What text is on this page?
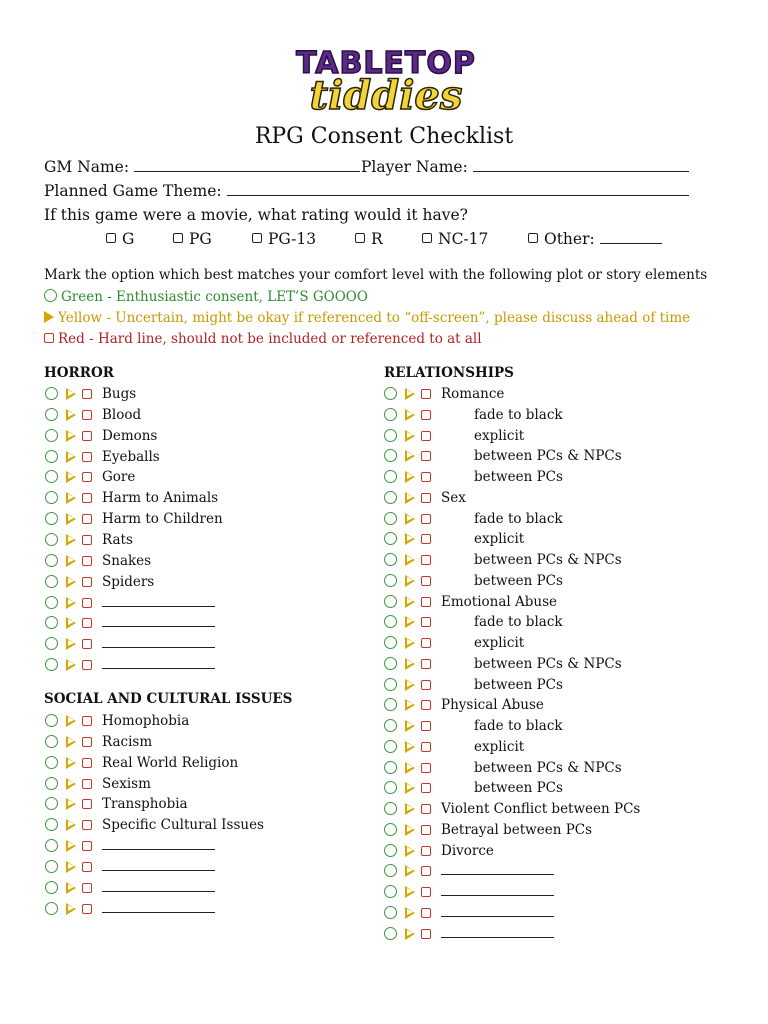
TABLETOP
tiddies
RPG Consent Checklist
GM Name:	Player Name:
Planned Game Theme:
If this game were a movie, what rating would it have?
G	PG	PG-13	R	NC-17	Other:
Mark the option which best matches your comfort level with the following plot or story elements
Green - Enthusiastic consent, LET’S GOOOO
Yellow - Uncertain, might be okay if referenced to “off-screen”, please discuss ahead of time
Red - Hard line, should not be included or referenced to at all
HORROR
Bugs
Blood
Demons
Eyeballs
Gore
Harm to Animals
Harm to Children
Rats
Snakes
Spiders
SOCIAL AND CULTURAL ISSUES
Homophobia
Racism
Real World Religion
Sexism
Transphobia
Specific Cultural Issues
RELATIONSHIPS
Romance
fade to black
explicit
between PCs & NPCs
between PCs
Sex
fade to black
explicit
between PCs & NPCs
between PCs
Emotional Abuse
fade to black
explicit
between PCs & NPCs
between PCs
Physical Abuse
fade to black
explicit
between PCs & NPCs
between PCs
Violent Conflict between PCs
Betrayal between PCs
Divorce
